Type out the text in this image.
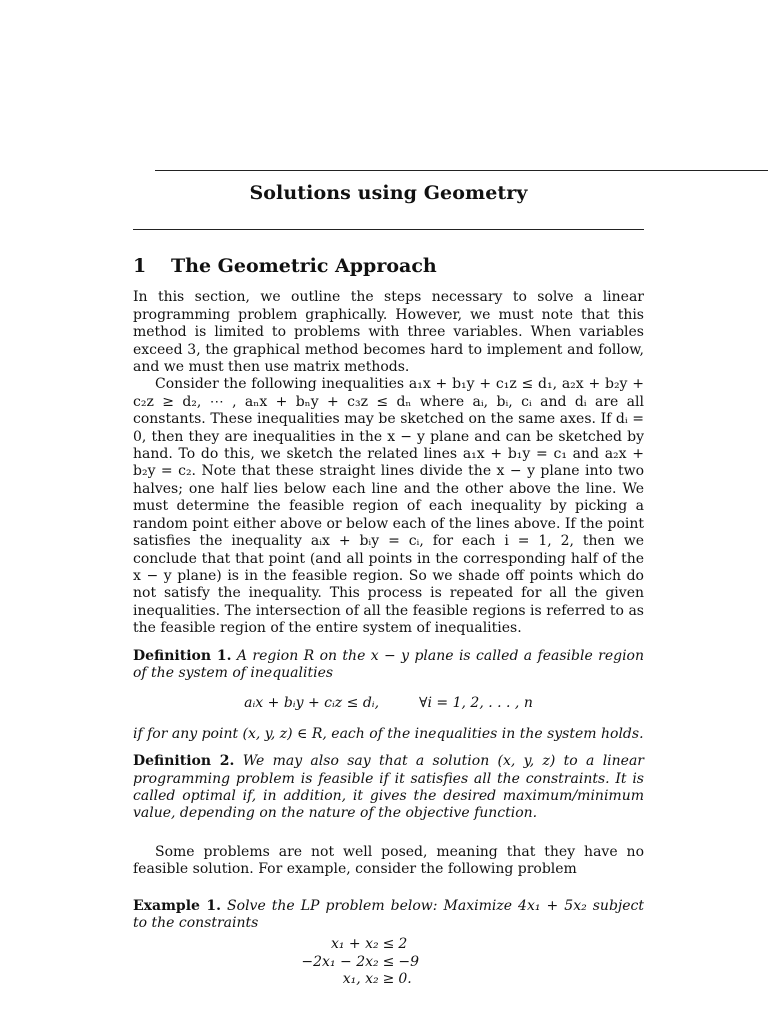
Solutions using Geometry
1 The Geometric Approach

In this section, we outline the steps necessary to solve a linear programming problem graphically. However, we must note that this method is limited to problems with three variables. When variables exceed 3, the graphical method becomes hard to implement and follow, and we must then use matrix methods.

Consider the following inequalities a₁x + b₁y + c₁z ≤ d₁, a₂x + b₂y + c₂z ≥ d₂, ⋯ , aₙx + bₙy + c₃z ≤ dₙ where aᵢ, bᵢ, cᵢ and dᵢ are all constants. These inequalities may be sketched on the same axes. If dᵢ = 0, then they are inequalities in the x − y plane and can be sketched by hand. To do this, we sketch the related lines a₁x + b₁y = c₁ and a₂x + b₂y = c₂. Note that these straight lines divide the x − y plane into two halves; one half lies below each line and the other above the line. We must determine the feasible region of each inequality by picking a random point either above or below each of the lines above. If the point satisfies the inequality aᵢx + bᵢy = cᵢ, for each i = 1, 2, then we conclude that that point (and all points in the corresponding half of the x − y plane) is in the feasible region. So we shade off points which do not satisfy the inequality. This process is repeated for all the given inequalities. The intersection of all the feasible regions is referred to as the feasible region of the entire system of inequalities.

Definition 1. A region R on the x − y plane is called a feasible region of the system of inequalities

aᵢx + bᵢy + cᵢz ≤ dᵢ,	∀i = 1, 2, . . . , n

if for any point (x, y, z) ∈ R, each of the inequalities in the system holds.

Definition 2. We may also say that a solution (x, y, z) to a linear programming problem is feasible if it satisfies all the constraints. It is called optimal if, in addition, it gives the desired maximum/minimum value, depending on the nature of the objective function.

Some problems are not well posed, meaning that they have no feasible solution. For example, consider the following problem

Example 1. Solve the LP problem below: Maximize 4x₁ + 5x₂ subject to the constraints

x₁ + x₂ ≤ 2
−2x₁ − 2x₂ ≤ −9
x₁, x₂ ≥ 0.
